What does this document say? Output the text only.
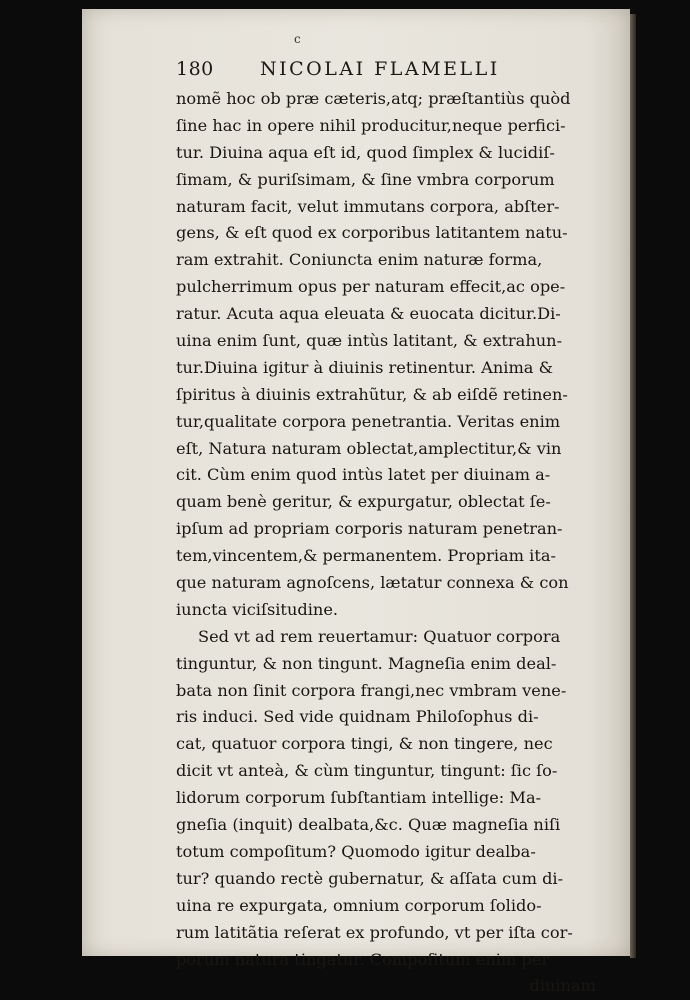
c
180 NICOLAI FLAMELLI
nomẽ hoc ob præ cæteris,atq; præſtantiùs quòd
ſine hac in opere nihil producitur,neque perfici-
tur. Diuina aqua eſt id, quod ſimplex & lucidiſ-
ſimam, & puriſsimam, & ſine vmbra corporum
naturam facit, velut immutans corpora, abſter-
gens, & eſt quod ex corporibus latitantem natu-
ram extrahit. Coniuncta enim naturæ forma,
pulcherrimum opus per naturam effecit,ac ope-
ratur. Acuta aqua eleuata & euocata dicitur.Di-
uina enim ſunt, quæ intùs latitant, & extrahun-
tur.Diuina igitur à diuinis retinentur. Anima &
ſpiritus à diuinis extrahũtur, & ab eiſdẽ retinen-
tur,qualitate corpora penetrantia. Veritas enim
eſt, Natura naturam oblectat,amplectitur,& vin
cit. Cùm enim quod intùs latet per diuinam a-
quam benè geritur, & expurgatur, oblectat ſe-
ipſum ad propriam corporis naturam penetran-
tem,vincentem,& permanentem. Propriam ita-
que naturam agnoſcens, lætatur connexa & con
iuncta viciſsitudine.
Sed vt ad rem reuertamur: Quatuor corpora
tinguntur, & non tingunt. Magneſia enim deal-
bata non ſinit corpora frangi,nec vmbram vene-
ris induci. Sed vide quidnam Philoſophus di-
cat, quatuor corpora tingi, & non tingere, nec
dicit vt anteà, & cùm tinguntur, tingunt: ſic ſo-
lidorum corporum ſubſtantiam intellige: Ma-
gneſia (inquit) dealbata,&c. Quæ magneſia niſi
totum compoſitum? Quomodo igitur dealba-
tur? quando rectè gubernatur, & aſſata cum di-
uina re expurgata, omnium corporum ſolido-
rum latitãtia reſerat ex profundo, vt per iſta cor-
porum natura tingatur. Compoſitum enim per
diuinam
